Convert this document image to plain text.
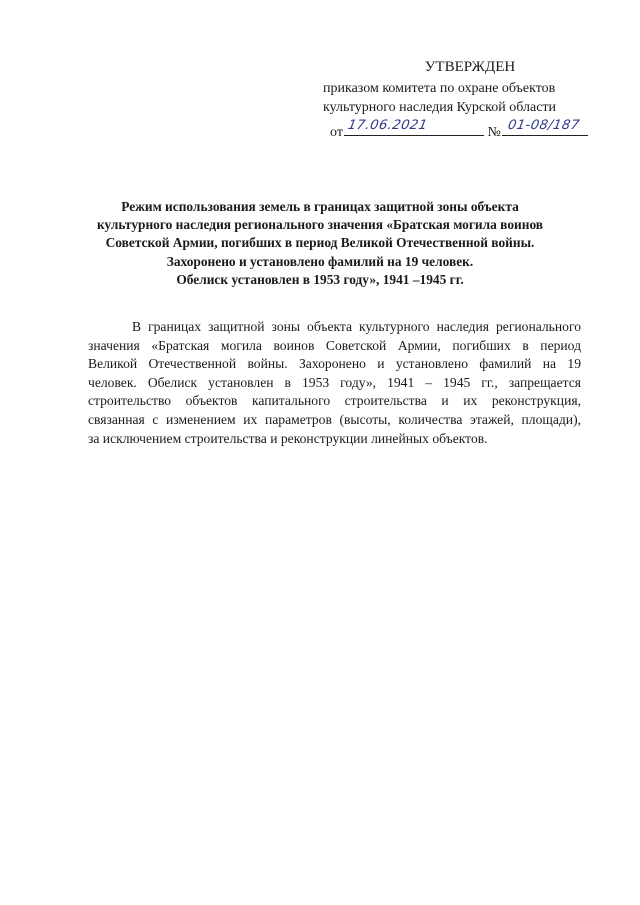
УТВЕРЖДЕН
приказом комитета по охране объектов
культурного наследия Курской области
от 17.06.2021	№ 01-08/187
Режим использования земель в границах защитной зоны объекта
культурного наследия регионального значения «Братская могила воинов
Советской Армии, погибших в период Великой Отечественной войны.
Захоронено и установлено фамилий на 19 человек.
Обелиск установлен в 1953 году», 1941 –1945 гг.
В границах защитной зоны объекта культурного наследия регионального
значения «Братская могила воинов Советской Армии, погибших в период
Великой Отечественной войны. Захоронено и установлено фамилий на 19
человек. Обелиск установлен в 1953 году», 1941 – 1945 гг., запрещается
строительство объектов капитального строительства и их реконструкция,
связанная с изменением их параметров (высоты, количества этажей, площади),
за исключением строительства и реконструкции линейных объектов.
